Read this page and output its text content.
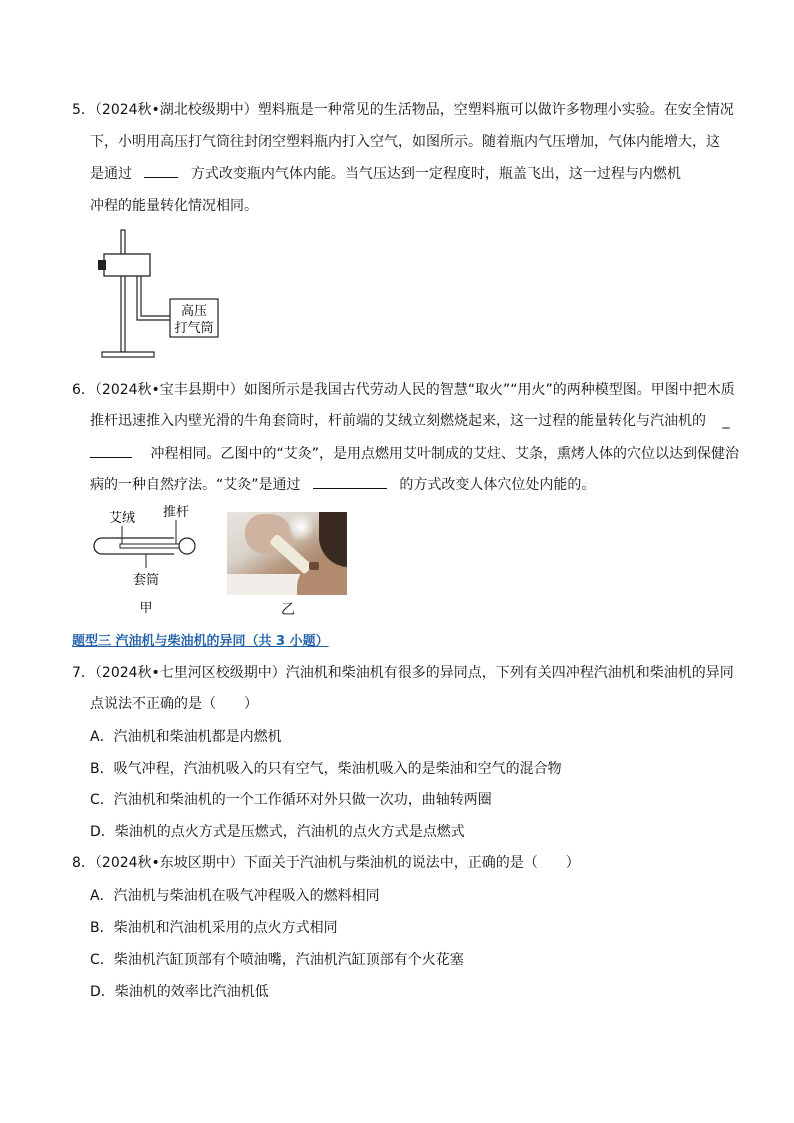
5．（2024秋•湖北校级期中）塑料瓶是一种常见的生活物品，空塑料瓶可以做许多物理小实验。在安全情况
下，小明用高压打气筒往封闭空塑料瓶内打入空气，如图所示。随着瓶内气压增加，气体内能增大，这
是通过	方式改变瓶内气体内能。当气压达到一定程度时，瓶盖飞出，这一过程与内燃机
冲程的能量转化情况相同。
高压
打气筒
6．（2024秋•宝丰县期中）如图所示是我国古代劳动人民的智慧“取火”“用火”的两种模型图。甲图中把木质
推杆迅速推入内壁光滑的牛角套筒时，杆前端的艾绒立刻燃烧起来，这一过程的能量转化与汽油机的 _
冲程相同。乙图中的“艾灸”，是用点燃用艾叶制成的艾炷、艾条，熏烤人体的穴位以达到保健治
病的一种自然疗法。“艾灸”是通过	的方式改变人体穴位处内能的。
艾绒 推杆
套筒
甲	乙
题型三 汽油机与柴油机的异同（共 3 小题）
7．（2024秋•七里河区校级期中）汽油机和柴油机有很多的异同点，下列有关四冲程汽油机和柴油机的异同
点说法不正确的是（　　）
A．汽油机和柴油机都是内燃机
B．吸气冲程，汽油机吸入的只有空气，柴油机吸入的是柴油和空气的混合物
C．汽油机和柴油机的一个工作循环对外只做一次功，曲轴转两圈
D．柴油机的点火方式是压燃式，汽油机的点火方式是点燃式
8．（2024秋•东坡区期中）下面关于汽油机与柴油机的说法中，正确的是（　　）
A．汽油机与柴油机在吸气冲程吸入的燃料相同
B．柴油机和汽油机采用的点火方式相同
C．柴油机汽缸顶部有个喷油嘴，汽油机汽缸顶部有个火花塞
D．柴油机的效率比汽油机低
